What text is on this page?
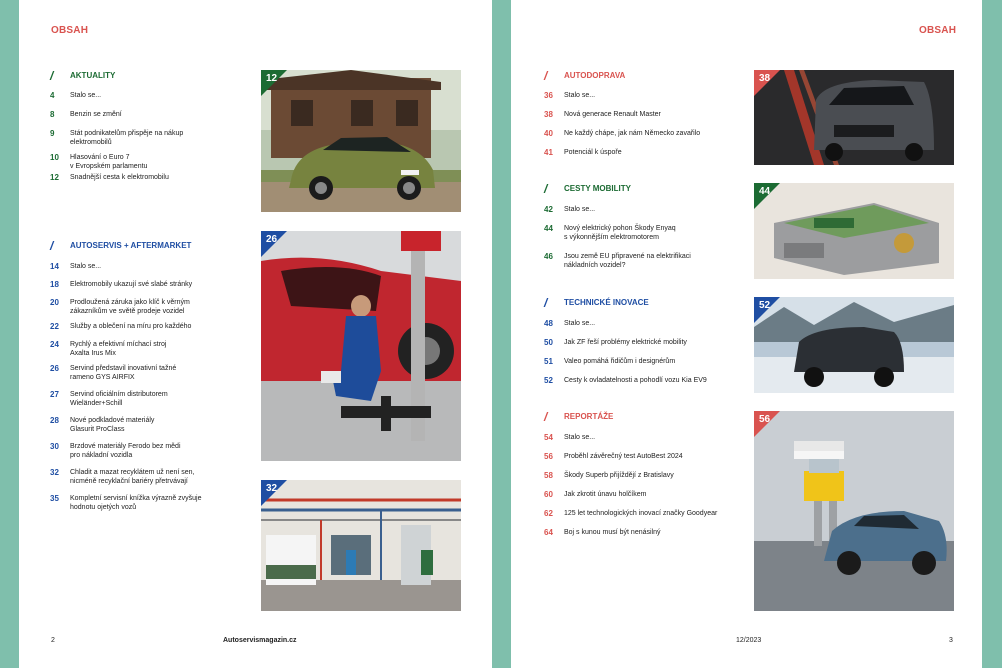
OBSAH
/ AKTUALITY
4 Stalo se...
8 Benzin se změní
9 Stát podnikatelům přispěje na nákup
elektromobilů
10 Hlasování o Euro 7
v Evropském parlamentu
12 Snadnější cesta k elektromobilu
/ AUTOSERVIS + AFTERMARKET
14 Stalo se...
18 Elektromobily ukazují své slabé stránky
20 Prodloužená záruka jako klíč k věrným
zákazníkům ve světě prodeje vozidel
22 Služby a oblečení na míru pro každého
24 Rychlý a efektivní míchací stroj
Axalta Irus Mix
26 Servind představil inovativní tažné
rameno GYS AIRFIX
27 Servind oficiálním distributorem
Wieländer+Schill
28 Nové podkladové materiály
Glasurit ProClass
30 Brzdové materiály Ferodo bez mědi
pro nákladní vozidla
32 Chladit a mazat recyklátem už není sen,
nicméně recyklační bariéry přetrvávají
35 Kompletní servisní knížka výrazně zvyšuje
hodnotu ojetých vozů
12
26
32
2	Autoservismagazin.cz
OBSAH
/ AUTODOPRAVA
36 Stalo se...
38 Nová generace Renault Master
40 Ne každý chápe, jak nám Německo zavařilo
41 Potenciál k úspoře
/ CESTY MOBILITY
42 Stalo se...
44 Nový elektrický pohon Škody Enyaq
s výkonnějším elektromotorem
46 Jsou země EU připravené na elektrifikaci
nákladních vozidel?
/ TECHNICKÉ INOVACE
48 Stalo se...
50 Jak ZF řeší problémy elektrické mobility
51 Valeo pomáhá řidičům i designérům
52 Cesty k ovladatelnosti a pohodlí vozu Kia EV9
/ REPORTÁŽE
54 Stalo se...
56 Proběhl závěrečný test AutoBest 2024
58 Škody Superb přijíždějí z Bratislavy
60 Jak zkrotit únavu holčíkem
62 125 let technologických inovací značky Goodyear
64 Boj s kunou musí být nenásilný
38
44
52
56
12/2023	3
